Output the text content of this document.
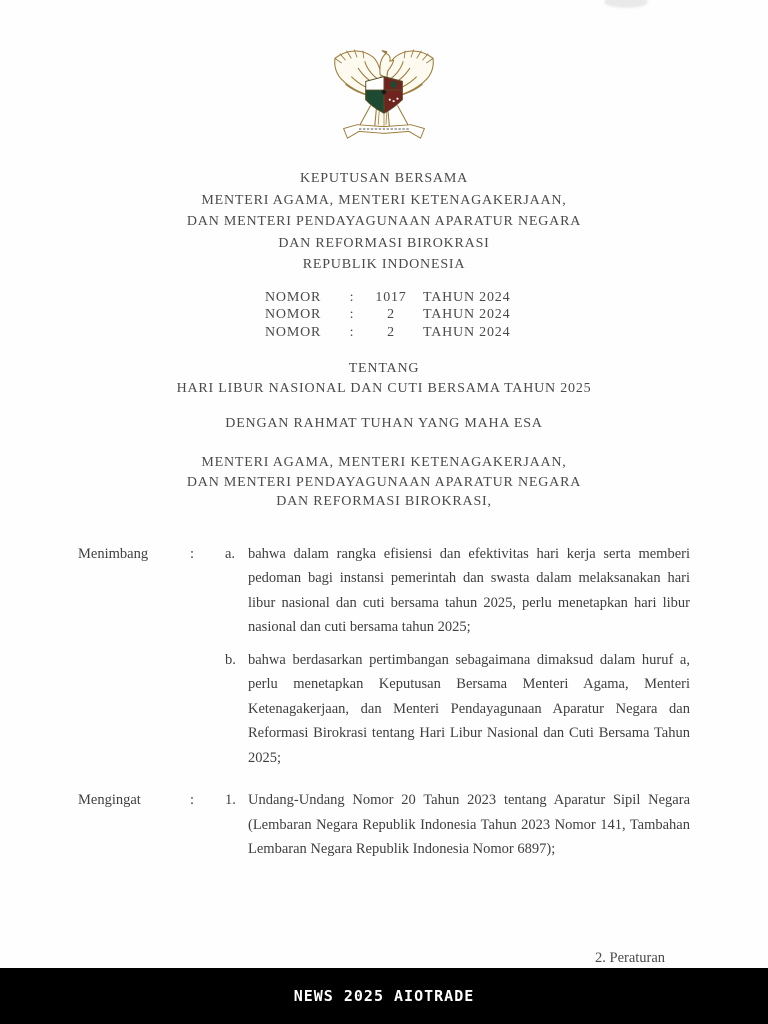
KEPUTUSAN BERSAMA
MENTERI AGAMA, MENTERI KETENAGAKERJAAN,
DAN MENTERI PENDAYAGUNAAN APARATUR NEGARA
DAN REFORMASI BIROKRASI
REPUBLIK INDONESIA
NOMOR	:	1017	TAHUN 2024
NOMOR	:	2	TAHUN 2024
NOMOR	:	2	TAHUN 2024
TENTANG
HARI LIBUR NASIONAL DAN CUTI BERSAMA TAHUN 2025
DENGAN RAHMAT TUHAN YANG MAHA ESA
MENTERI AGAMA, MENTERI KETENAGAKERJAAN,
DAN MENTERI PENDAYAGUNAAN APARATUR NEGARA
DAN REFORMASI BIROKRASI,
Menimbang	:	a. bahwa dalam rangka efisiensi dan efektivitas hari kerja serta memberi pedoman bagi instansi pemerintah dan swasta dalam melaksanakan hari libur nasional dan cuti bersama tahun 2025, perlu menetapkan hari libur nasional dan cuti bersama tahun 2025;
b. bahwa berdasarkan pertimbangan sebagaimana dimaksud dalam huruf a, perlu menetapkan Keputusan Bersama Menteri Agama, Menteri Ketenagakerjaan, dan Menteri Pendayagunaan Aparatur Negara dan Reformasi Birokrasi tentang Hari Libur Nasional dan Cuti Bersama Tahun 2025;
Mengingat	:	1. Undang-Undang Nomor 20 Tahun 2023 tentang Aparatur Sipil Negara (Lembaran Negara Republik Indonesia Tahun 2023 Nomor 141, Tambahan Lembaran Negara Republik Indonesia Nomor 6897);
2. Peraturan
NEWS 2025 AIOTRADE
